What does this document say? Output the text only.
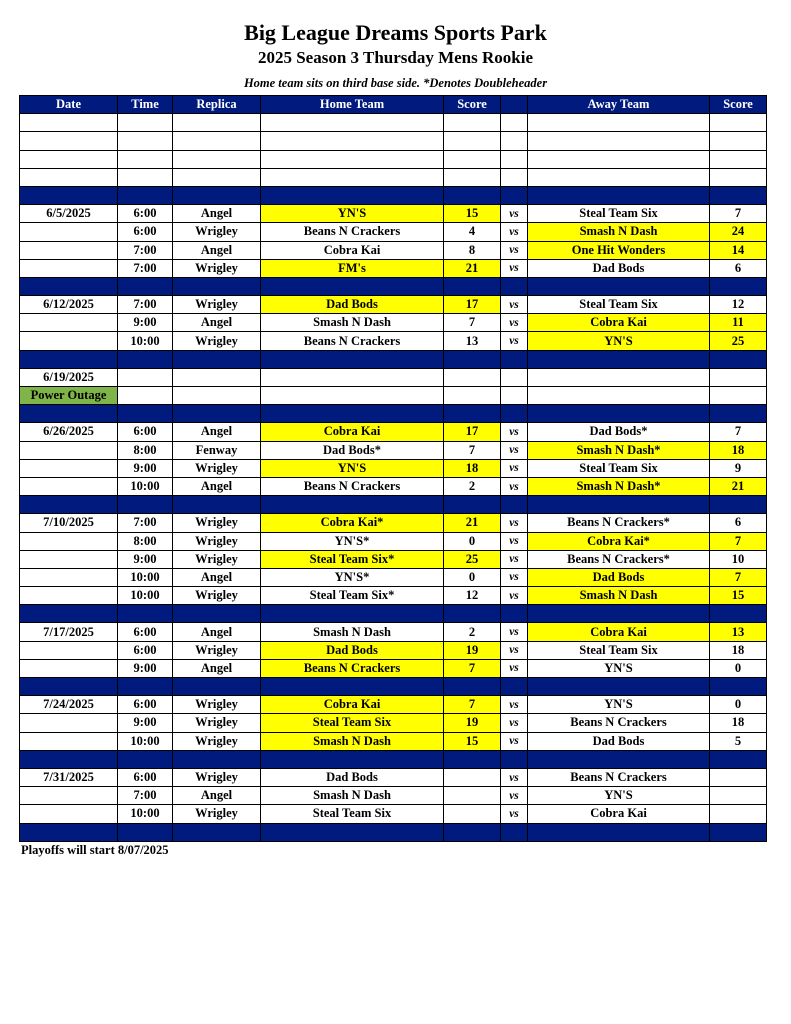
Big League Dreams Sports Park
2025 Season 3 Thursday Mens Rookie
Home team sits on third base side. *Denotes Doubleheader
Date	Time	Replica	Home Team	Score		Away Team	Score

6/5/2025	6:00	Angel	YN'S	15	vs	Steal Team Six	7
	6:00	Wrigley	Beans N Crackers	4	vs	Smash N Dash	24
	7:00	Angel	Cobra Kai	8	vs	One Hit Wonders	14
	7:00	Wrigley	FM's	21	vs	Dad Bods	6

6/12/2025	7:00	Wrigley	Dad Bods	17	vs	Steal Team Six	12
	9:00	Angel	Smash N Dash	7	vs	Cobra Kai	11
	10:00	Wrigley	Beans N Crackers	13	vs	YN'S	25

6/19/2025							
Power Outage							

6/26/2025	6:00	Angel	Cobra Kai	17	vs	Dad Bods*	7
	8:00	Fenway	Dad Bods*	7	vs	Smash N Dash*	18
	9:00	Wrigley	YN'S	18	vs	Steal Team Six	9
	10:00	Angel	Beans N Crackers	2	vs	Smash N Dash*	21

7/10/2025	7:00	Wrigley	Cobra Kai*	21	vs	Beans N Crackers*	6
	8:00	Wrigley	YN'S*	0	vs	Cobra Kai*	7
	9:00	Wrigley	Steal Team Six*	25	vs	Beans N Crackers*	10
	10:00	Angel	YN'S*	0	vs	Dad Bods	7
	10:00	Wrigley	Steal Team Six*	12	vs	Smash N Dash	15

7/17/2025	6:00	Angel	Smash N Dash	2	vs	Cobra Kai	13
	6:00	Wrigley	Dad Bods	19	vs	Steal Team Six	18
	9:00	Angel	Beans N Crackers	7	vs	YN'S	0

7/24/2025	6:00	Wrigley	Cobra Kai	7	vs	YN'S	0
	9:00	Wrigley	Steal Team Six	19	vs	Beans N Crackers	18
	10:00	Wrigley	Smash N Dash	15	vs	Dad Bods	5

7/31/2025	6:00	Wrigley	Dad Bods		vs	Beans N Crackers	
	7:00	Angel	Smash N Dash		vs	YN'S	
	10:00	Wrigley	Steal Team Six		vs	Cobra Kai	

Playoffs will start 8/07/2025
